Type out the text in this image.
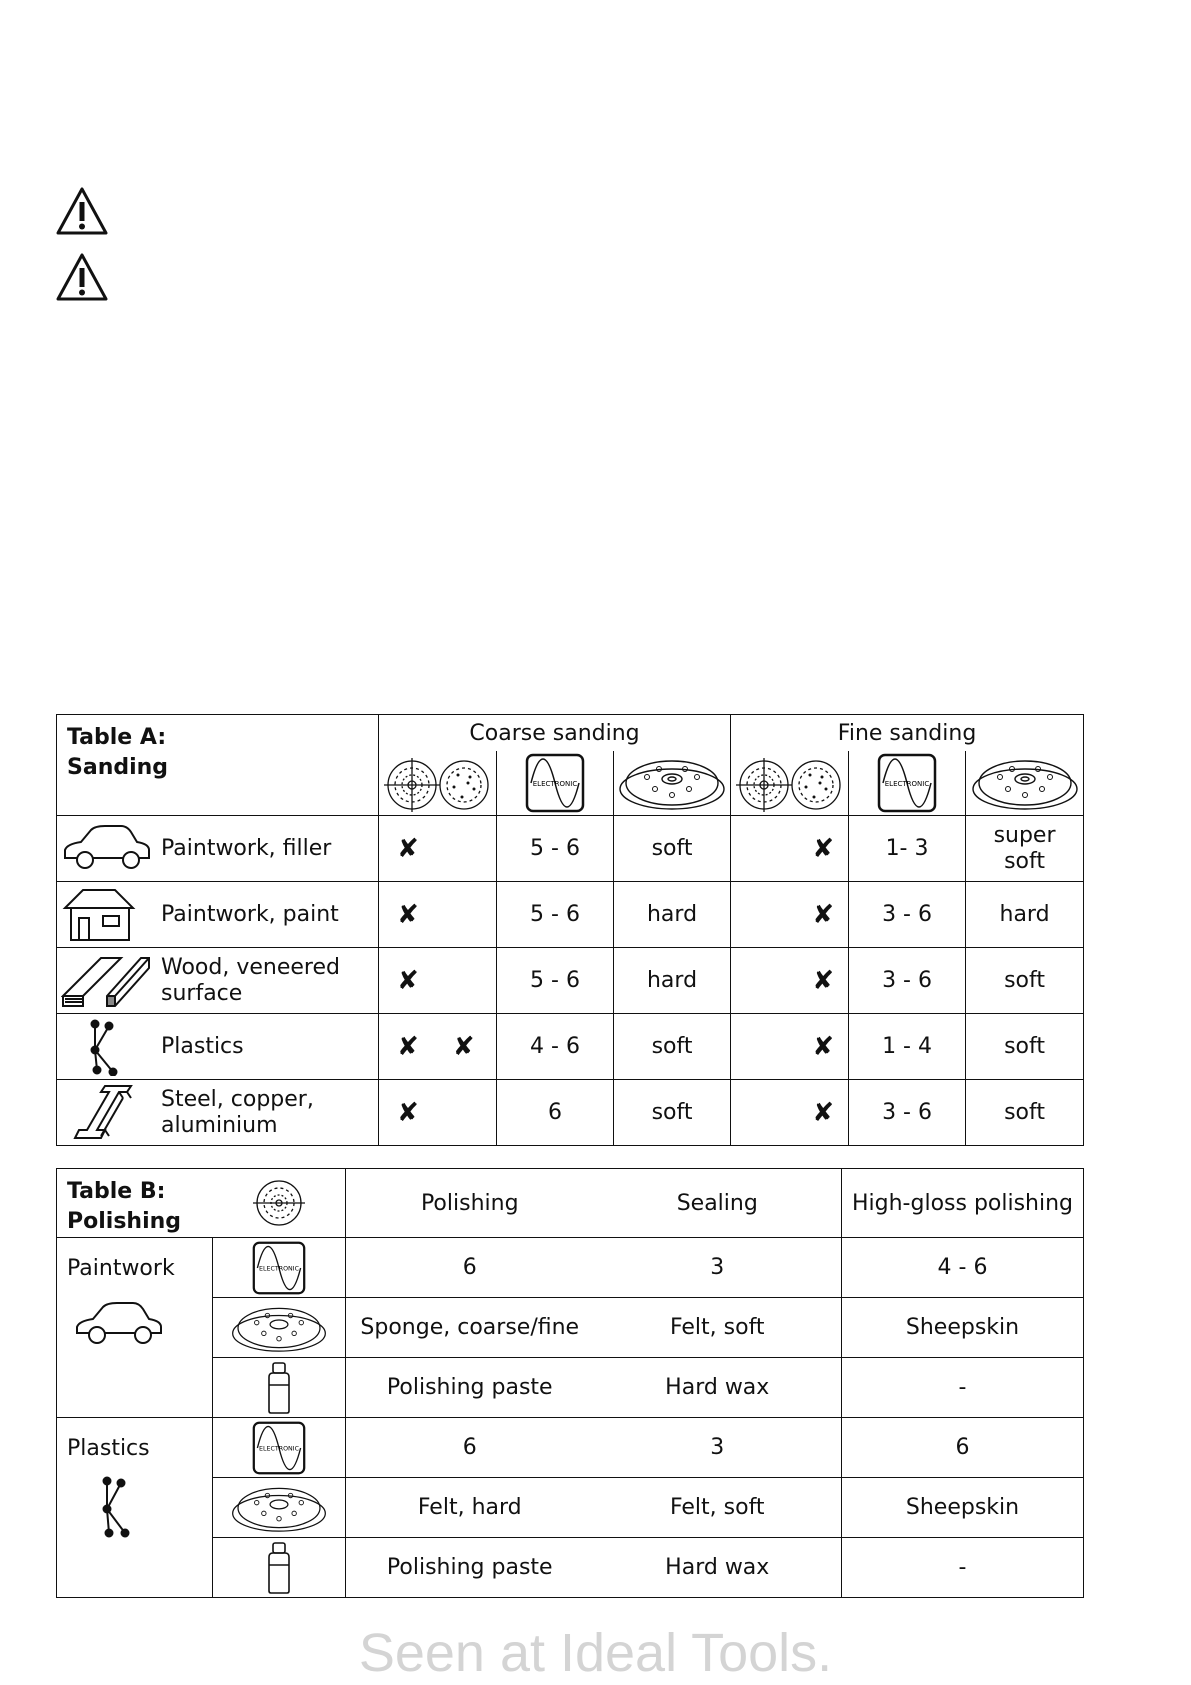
Table A:
Sanding	Coarse sanding			Fine sanding		

ELECTRONIC			ELECTRONIC

Paintwork, filler	✘	5 - 6	soft	✘	1- 3	super
soft

Paintwork, paint	✘	5 - 6	hard	✘	3 - 6	hard

Wood, veneered
surface	✘	5 - 6	hard	✘	3 - 6	soft

Plastics	✘ ✘	4 - 6	soft	✘	1 - 4	soft

Steel, copper,
aluminium	✘	6	soft	✘	3 - 6	soft
Table B:
Polishing		Polishing	Sealing	High-gloss polishing
Paintwork	ELECTRONIC	6	3	4 - 6

	Sponge, coarse/fine	Felt, soft	Sheepskin

	Polishing paste	Hard wax	-
Plastics	ELECTRONIC	6	3	6

	Felt, hard	Felt, soft	Sheepskin

	Polishing paste	Hard wax	-
Seen at Ideal Tools.
